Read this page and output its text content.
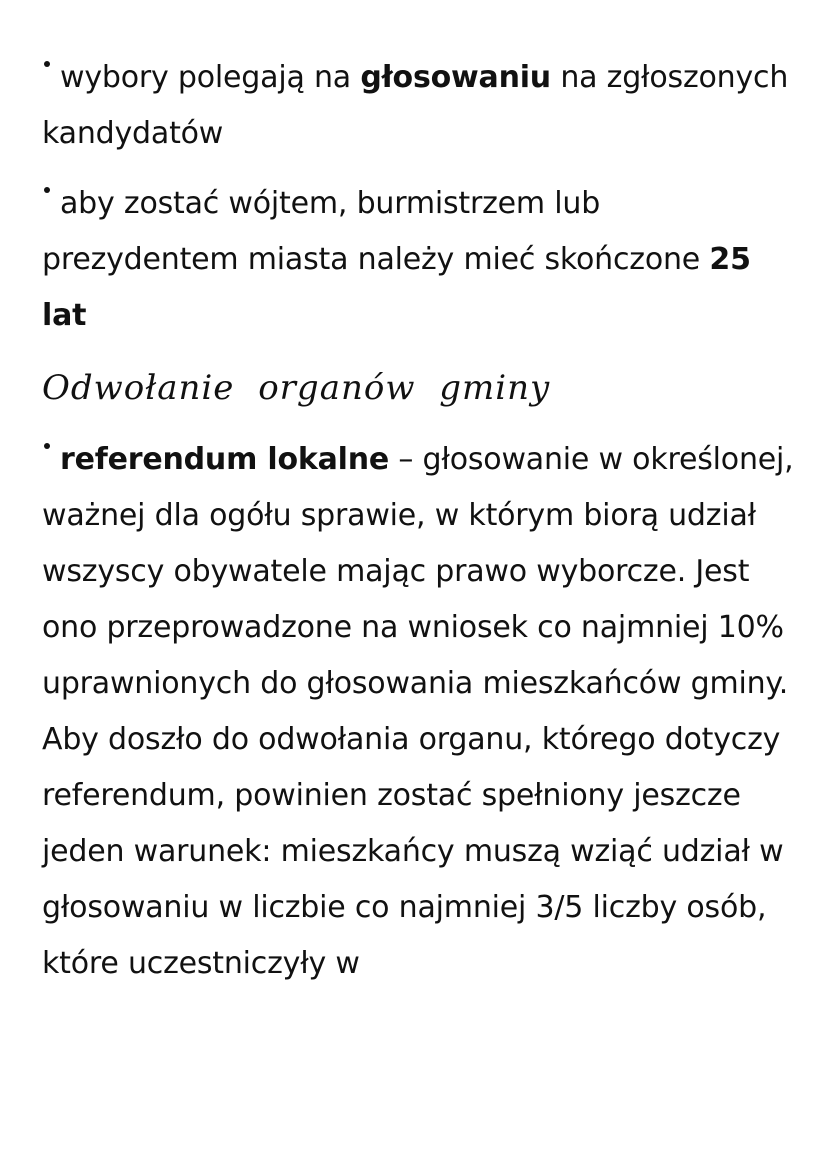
wybory polegają na głosowaniu na zgłoszonych kandydatów

aby zostać wójtem, burmistrzem lub prezydentem miasta należy mieć skończone 25 lat

Odwołanie organów gminy

referendum lokalne – głosowanie w określonej, ważnej dla ogółu sprawie, w którym biorą udział wszyscy obywatele mając prawo wyborcze. Jest ono przeprowadzone na wniosek co najmniej 10% uprawnionych do głosowania mieszkańców gminy. Aby doszło do odwołania organu, którego dotyczy referendum, powinien zostać spełniony jeszcze jeden warunek: mieszkańcy muszą wziąć udział w głosowaniu w liczbie co najmniej 3/5 liczby osób, które uczestniczyły w
